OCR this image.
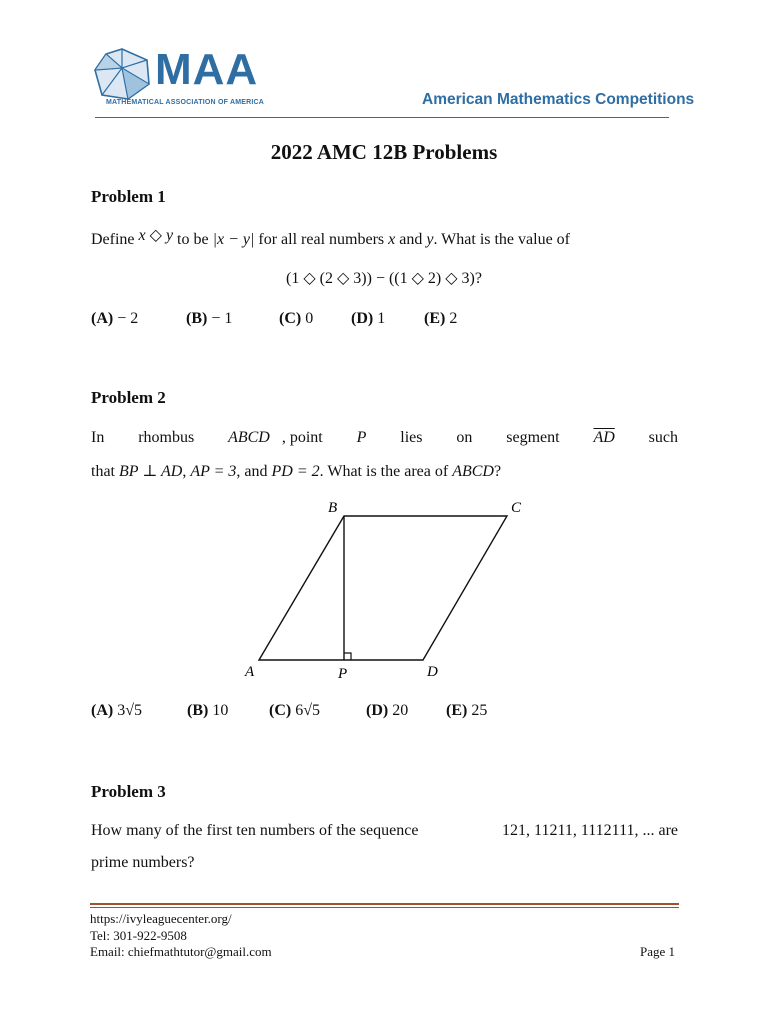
MAA
MATHEMATICAL ASSOCIATION OF AMERICA	American Mathematics Competitions
2022 AMC 12B Problems
Problem 1
Define x ◇ y to be |x − y| for all real numbers x and y. What is the value of
(1 ◇ (2 ◇ 3)) − ((1 ◇ 2) ◇ 3)?
(A) − 2	(B) − 1	(C) 0 (D) 1 (E) 2
Problem 2
In rhombus ABCD , point P lies on segment $\overline{AD}$ such
that BP ⊥ AD, AP = 3, and PD = 2. What is the area of ABCD?
B	C
A	P	D
(A) 3√5	(B) 10	(C) 6√5	(D) 20 (E) 25
Problem 3
How many of the first ten numbers of the sequence	121, 11211, 1112111, ... are
prime numbers?
https://ivyleaguecenter.org/
Tel: 301-922-9508
Email: chiefmathtutor@gmail.com	Page 1
